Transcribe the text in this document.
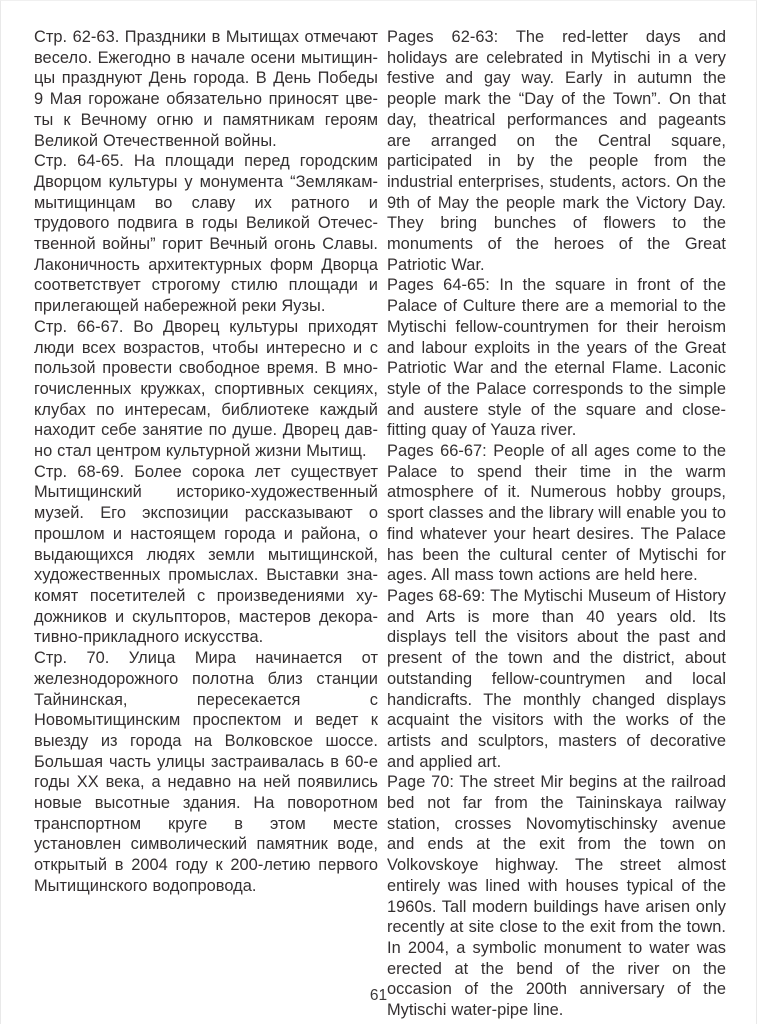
Стр. 62-63. Праздники в Мытищах отмечают весело. Ежегодно в начале осени мытищинцы празднуют День города. В День Победы 9 Мая горожане обязательно приносят цветы к Вечному огню и памятникам героям Великой Отечественной войны.

Стр. 64-65. На площади перед городским Дворцом культуры у монумента “Землякам-мытищинцам во славу их ратного и трудового подвига в годы Великой Отечественной войны” горит Вечный огонь Славы. Лаконичность архитектурных форм Дворца соответствует строгому стилю площади и прилегающей набережной реки Яузы.

Стр. 66-67. Во Дворец культуры приходят люди всех возрастов, чтобы интересно и с пользой провести свободное время. В многочисленных кружках, спортивных секциях, клубах по интересам, библиотеке каждый находит себе занятие по душе. Дворец давно стал центром культурной жизни Мытищ.

Стр. 68-69. Более сорока лет существует Мытищинский историко-художественный музей. Его экспозиции рассказывают о прошлом и настоящем города и района, о выдающихся людях земли мытищинской, художественных промыслах. Выставки знакомят посетителей с произведениями художников и скульпторов, мастеров декоративно-прикладного искусства.

Стр. 70. Улица Мира начинается от железнодорожного полотна близ станции Тайнинская, пересекается с Новомытищинским проспектом и ведет к выезду из города на Волковское шоссе. Большая часть улицы застраивалась в 60-е годы XX века, а недавно на ней появились новые высотные здания. На поворотном транспортном круге в этом месте установлен символический памятник воде, открытый в 2004 году к 200-летию первого Мытищинского водопровода.

Pages 62-63: The red-letter days and holidays are celebrated in Mytischi in a very festive and gay way. Early in autumn the people mark the “Day of the Town”. On that day, theatrical performances and pageants are arranged on the Central square, participated in by the people from the industrial enterprises, students, actors. On the 9th of May the people mark the Victory Day. They bring bunches of flowers to the monuments of the heroes of the Great Patriotic War.

Pages 64-65: In the square in front of the Palace of Culture there are a memorial to the Mytischi fellow-countrymen for their heroism and labour exploits in the years of the Great Patriotic War and the eternal Flame. Laconic style of the Palace corresponds to the simple and austere style of the square and close-fitting quay of Yauza river.

Pages 66-67: People of all ages come to the Palace to spend their time in the warm atmosphere of it. Numerous hobby groups, sport classes and the library will enable you to find whatever your heart desires. The Palace has been the cultural center of Mytischi for ages. All mass town actions are held here.

Pages 68-69: The Mytischi Museum of History and Arts is more than 40 years old. Its displays tell the visitors about the past and present of the town and the district, about outstanding fellow-countrymen and local handicrafts. The monthly changed displays acquaint the visitors with the works of the artists and sculptors, masters of decorative and applied art.

Page 70: The street Mir begins at the railroad bed not far from the Taininskaya railway station, crosses Novomytischinsky avenue and ends at the exit from the town on Volkovskoye highway. The street almost entirely was lined with houses typical of the 1960s. Tall modern buildings have arisen only recently at site close to the exit from the town. In 2004, a symbolic monument to water was erected at the bend of the river on the occasion of the 200th anniversary of the Mytischi water-pipe line.

61
